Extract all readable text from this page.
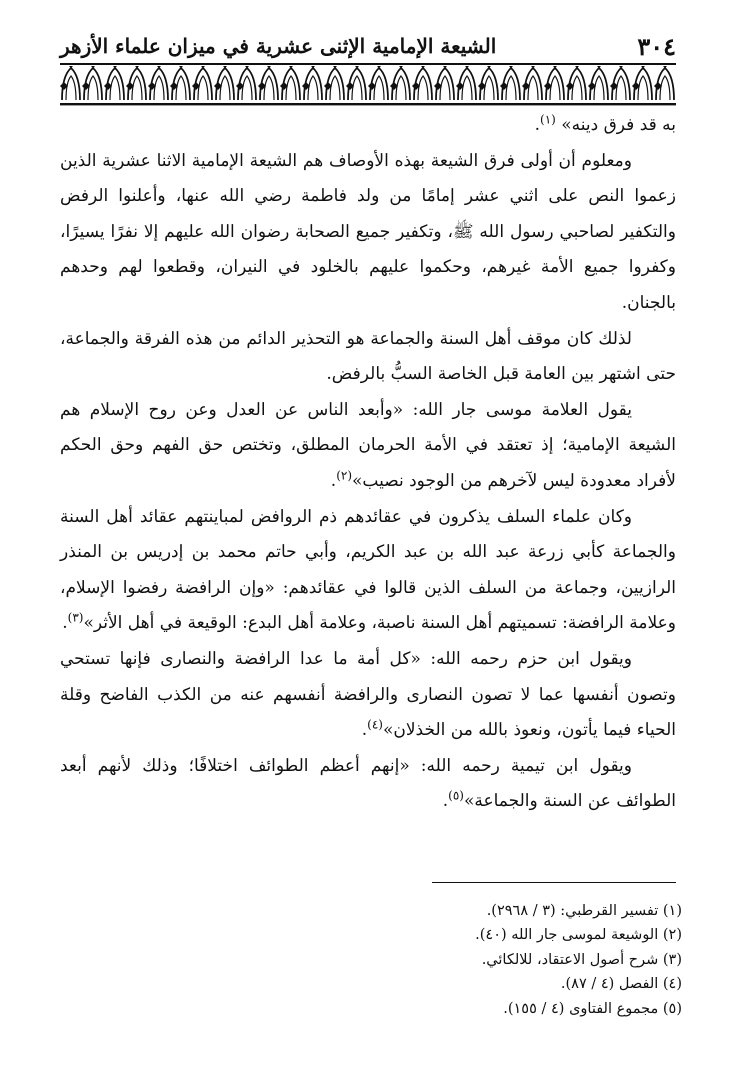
٣٠٤
الشيعة الإمامية الإثنى عشرية في ميزان علماء الأزهر

به قد فرق دينه» $^{(١)}$.

ومعلوم أن أولى فرق الشيعة بهذه الأوصاف هم الشيعة الإمامية الاثنا عشرية الذين زعموا النص على اثني عشر إمامًا من ولد فاطمة رضي الله عنها، وأعلنوا الرفض والتكفير لصاحبي رسول الله ﷺ، وتكفير جميع الصحابة رضوان الله عليهم إلا نفرًا يسيرًا، وكفروا جميع الأمة غيرهم، وحكموا عليهم بالخلود في النيران، وقطعوا لهم وحدهم بالجنان.

لذلك كان موقف أهل السنة والجماعة هو التحذير الدائم من هذه الفرقة والجماعة، حتى اشتهر بين العامة قبل الخاصة السبُّ بالرفض.

يقول العلامة موسى جار الله: «وأبعد الناس عن العدل وعن روح الإسلام هم الشيعة الإمامية؛ إذ تعتقد في الأمة الحرمان المطلق، وتختص حق الفهم وحق الحكم لأفراد معدودة ليس لآخرهم من الوجود نصيب»$^{(٢)}$.

وكان علماء السلف يذكرون في عقائدهم ذم الروافض لمباينتهم عقائد أهل السنة والجماعة كأبي زرعة عبد الله بن عبد الكريم، وأبي حاتم محمد بن إدريس بن المنذر الرازيين، وجماعة من السلف الذين قالوا في عقائدهم: «وإن الرافضة رفضوا الإسلام، وعلامة الرافضة: تسميتهم أهل السنة ناصبة، وعلامة أهل البدع: الوقيعة في أهل الأثر»$^{(٣)}$.

ويقول ابن حزم رحمه الله: «كل أمة ما عدا الرافضة والنصارى فإنها تستحي وتصون أنفسها عما لا تصون النصارى والرافضة أنفسهم عنه من الكذب الفاضح وقلة الحياء فيما يأتون، ونعوذ بالله من الخذلان»$^{(٤)}$.

ويقول ابن تيمية رحمه الله: «إنهم أعظم الطوائف اختلافًا؛ وذلك لأنهم أبعد الطوائف عن السنة والجماعة»$^{(٥)}$.

(١) تفسير القرطبي: (٣ / ٢٩٦٨).

(٢) الوشيعة لموسى جار الله (٤٠).

(٣) شرح أصول الاعتقاد، للالكائي.

(٤) الفصل (٤ / ٨٧).

(٥) مجموع الفتاوى (٤ / ١٥٥).
